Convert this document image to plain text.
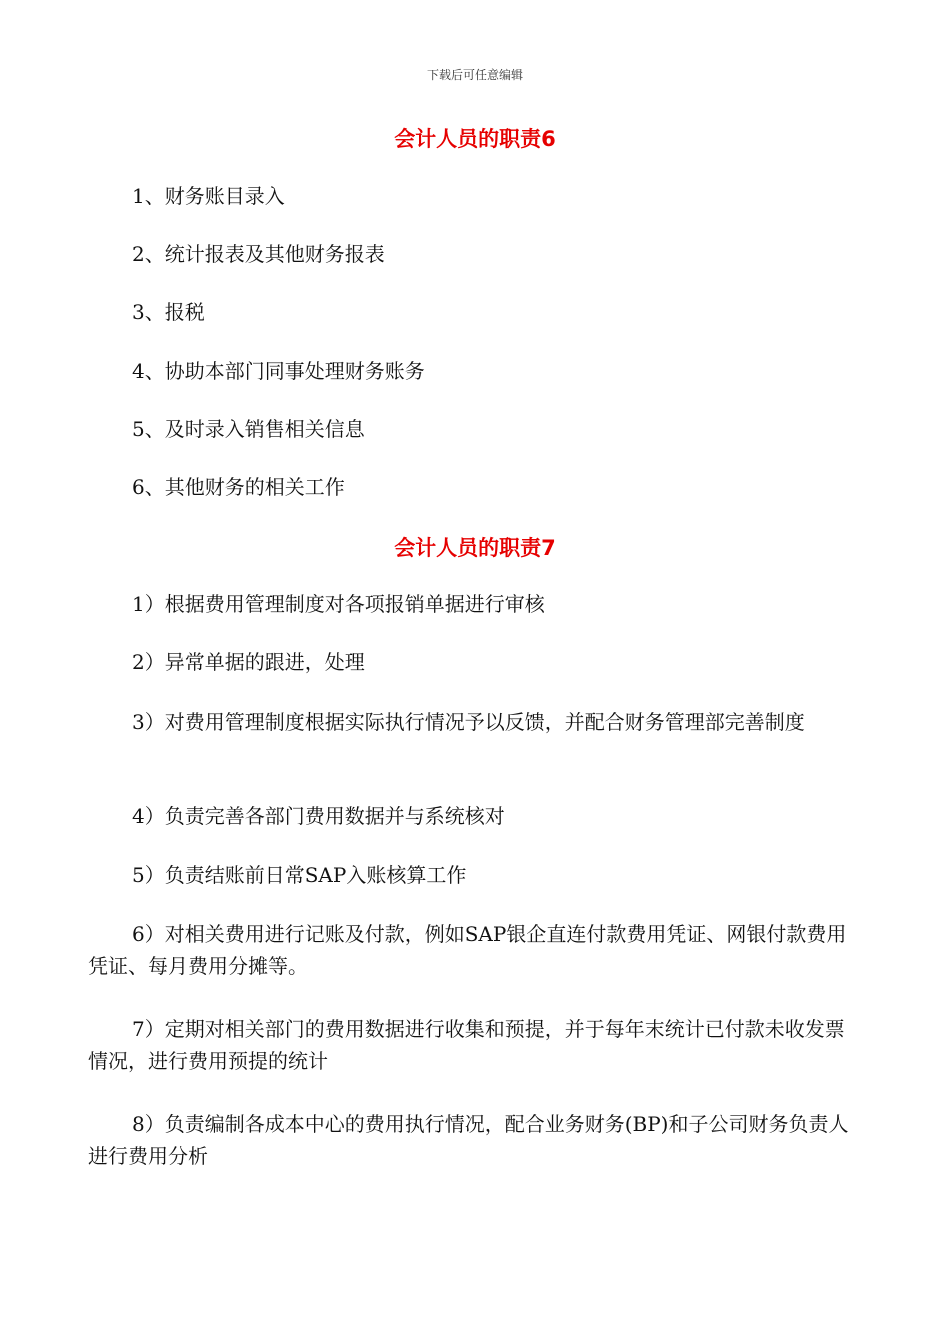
下载后可任意编辑
会计人员的职责6
1、财务账目录入
2、统计报表及其他财务报表
3、报税
4、协助本部门同事处理财务账务
5、及时录入销售相关信息
6、其他财务的相关工作
会计人员的职责7
1）根据费用管理制度对各项报销单据进行审核
2）异常单据的跟进，处理
3）对费用管理制度根据实际执行情况予以反馈，并配合财务管理部完善制度
4）负责完善各部门费用数据并与系统核对
5）负责结账前日常SAP入账核算工作
6）对相关费用进行记账及付款，例如SAP银企直连付款费用凭证、网银付款费用凭证、每月费用分摊等。
7）定期对相关部门的费用数据进行收集和预提，并于每年末统计已付款未收发票情况，进行费用预提的统计
8）负责编制各成本中心的费用执行情况，配合业务财务(BP)和子公司财务负责人进行费用分析
